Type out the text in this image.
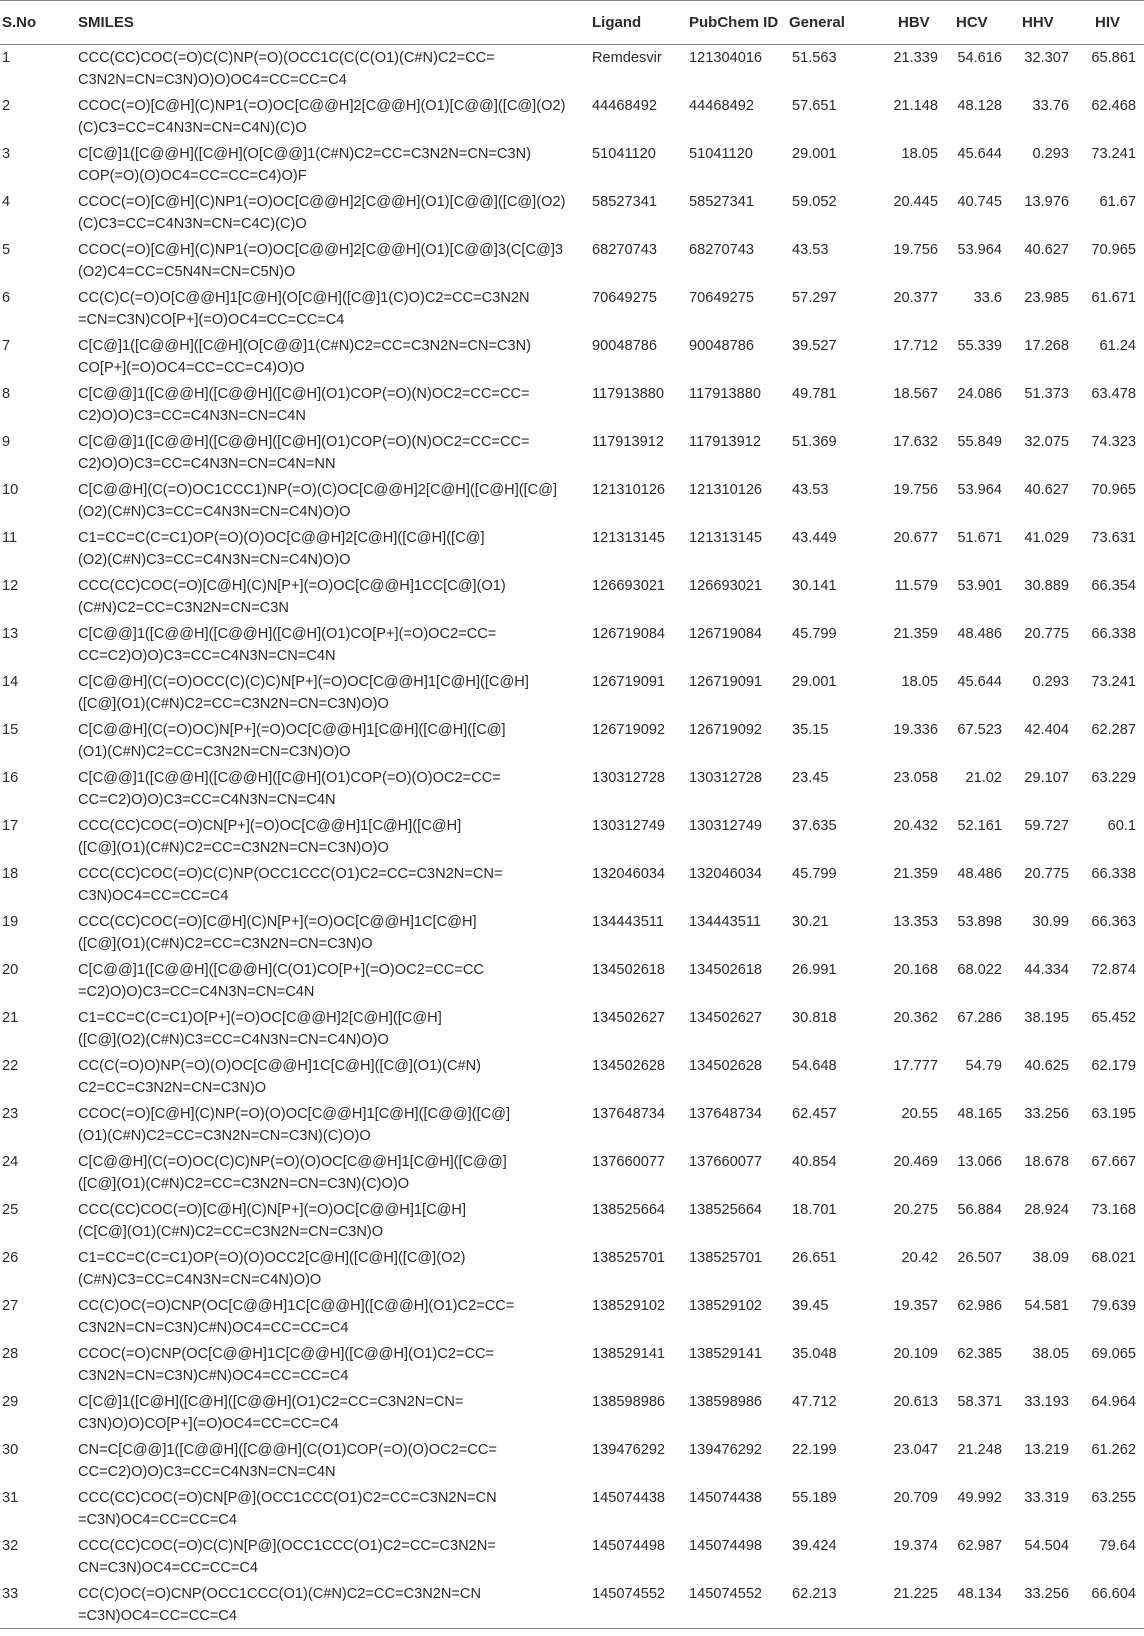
S.No	SMILES	Ligand	PubChem ID	General	HBV	HCV	HHV	HIV
1	CCC(CC)COC(=O)C(C)NP(=O)(OCC1C(C(C(O1)(C#N)C2=CC=
C3N2N=CN=C3N)O)O)OC4=CC=CC=C4	Remdesvir	121304016	51.563	21.339	54.616	32.307	65.861
2	CCOC(=O)[C@H](C)NP1(=O)OC[C@@H]2[C@@H](O1)[C@@]([C@](O2)
(C)C3=CC=C4N3N=CN=C4N)(C)O	44468492	44468492	57.651	21.148	48.128	33.76	62.468
3	C[C@]1([C@@H]([C@H](O[C@@]1(C#N)C2=CC=C3N2N=CN=C3N)
COP(=O)(O)OC4=CC=CC=C4)O)F	51041120	51041120	29.001	18.05	45.644	0.293	73.241
4	CCOC(=O)[C@H](C)NP1(=O)OC[C@@H]2[C@@H](O1)[C@@]([C@](O2)
(C)C3=CC=C4N3N=CN=C4C)(C)O	58527341	58527341	59.052	20.445	40.745	13.976	61.67
5	CCOC(=O)[C@H](C)NP1(=O)OC[C@@H]2[C@@H](O1)[C@@]3(C[C@]3
(O2)C4=CC=C5N4N=CN=C5N)O	68270743	68270743	43.53	19.756	53.964	40.627	70.965
6	CC(C)C(=O)O[C@@H]1[C@H](O[C@H]([C@]1(C)O)C2=CC=C3N2N
=CN=C3N)CO[P+](=O)OC4=CC=CC=C4	70649275	70649275	57.297	20.377	33.6	23.985	61.671
7	C[C@]1([C@@H]([C@H](O[C@@]1(C#N)C2=CC=C3N2N=CN=C3N)
CO[P+](=O)OC4=CC=CC=C4)O)O	90048786	90048786	39.527	17.712	55.339	17.268	61.24
8	C[C@@]1([C@@H]([C@@H]([C@H](O1)COP(=O)(N)OC2=CC=CC=
C2)O)O)C3=CC=C4N3N=CN=C4N	117913880	117913880	49.781	18.567	24.086	51.373	63.478
9	C[C@@]1([C@@H]([C@@H]([C@H](O1)COP(=O)(N)OC2=CC=CC=
C2)O)O)C3=CC=C4N3N=CN=C4N=NN	117913912	117913912	51.369	17.632	55.849	32.075	74.323
10	C[C@@H](C(=O)OC1CCC1)NP(=O)(C)OC[C@@H]2[C@H]([C@H]([C@]
(O2)(C#N)C3=CC=C4N3N=CN=C4N)O)O	121310126	121310126	43.53	19.756	53.964	40.627	70.965
11	C1=CC=C(C=C1)OP(=O)(O)OC[C@@H]2[C@H]([C@H]([C@]
(O2)(C#N)C3=CC=C4N3N=CN=C4N)O)O	121313145	121313145	43.449	20.677	51.671	41.029	73.631
12	CCC(CC)COC(=O)[C@H](C)N[P+](=O)OC[C@@H]1CC[C@](O1)
(C#N)C2=CC=C3N2N=CN=C3N	126693021	126693021	30.141	11.579	53.901	30.889	66.354
13	C[C@@]1([C@@H]([C@@H]([C@H](O1)CO[P+](=O)OC2=CC=
CC=C2)O)O)C3=CC=C4N3N=CN=C4N	126719084	126719084	45.799	21.359	48.486	20.775	66.338
14	C[C@@H](C(=O)OCC(C)(C)C)N[P+](=O)OC[C@@H]1[C@H]([C@H]
([C@](O1)(C#N)C2=CC=C3N2N=CN=C3N)O)O	126719091	126719091	29.001	18.05	45.644	0.293	73.241
15	C[C@@H](C(=O)OC)N[P+](=O)OC[C@@H]1[C@H]([C@H]([C@]
(O1)(C#N)C2=CC=C3N2N=CN=C3N)O)O	126719092	126719092	35.15	19.336	67.523	42.404	62.287
16	C[C@@]1([C@@H]([C@@H]([C@H](O1)COP(=O)(O)OC2=CC=
CC=C2)O)O)C3=CC=C4N3N=CN=C4N	130312728	130312728	23.45	23.058	21.02	29.107	63.229
17	CCC(CC)COC(=O)CN[P+](=O)OC[C@@H]1[C@H]([C@H]
([C@](O1)(C#N)C2=CC=C3N2N=CN=C3N)O)O	130312749	130312749	37.635	20.432	52.161	59.727	60.1
18	CCC(CC)COC(=O)C(C)NP(OCC1CCC(O1)C2=CC=C3N2N=CN=
C3N)OC4=CC=CC=C4	132046034	132046034	45.799	21.359	48.486	20.775	66.338
19	CCC(CC)COC(=O)[C@H](C)N[P+](=O)OC[C@@H]1C[C@H]
([C@](O1)(C#N)C2=CC=C3N2N=CN=C3N)O	134443511	134443511	30.21	13.353	53.898	30.99	66.363
20	C[C@@]1([C@@H]([C@@H](C(O1)CO[P+](=O)OC2=CC=CC
=C2)O)O)C3=CC=C4N3N=CN=C4N	134502618	134502618	26.991	20.168	68.022	44.334	72.874
21	C1=CC=C(C=C1)O[P+](=O)OC[C@@H]2[C@H]([C@H]
([C@](O2)(C#N)C3=CC=C4N3N=CN=C4N)O)O	134502627	134502627	30.818	20.362	67.286	38.195	65.452
22	CC(C(=O)O)NP(=O)(O)OC[C@@H]1C[C@H]([C@](O1)(C#N)
C2=CC=C3N2N=CN=C3N)O	134502628	134502628	54.648	17.777	54.79	40.625	62.179
23	CCOC(=O)[C@H](C)NP(=O)(O)OC[C@@H]1[C@H]([C@@]([C@]
(O1)(C#N)C2=CC=C3N2N=CN=C3N)(C)O)O	137648734	137648734	62.457	20.55	48.165	33.256	63.195
24	C[C@@H](C(=O)OC(C)C)NP(=O)(O)OC[C@@H]1[C@H]([C@@]
([C@](O1)(C#N)C2=CC=C3N2N=CN=C3N)(C)O)O	137660077	137660077	40.854	20.469	13.066	18.678	67.667
25	CCC(CC)COC(=O)[C@H](C)N[P+](=O)OC[C@@H]1[C@H]
(C[C@](O1)(C#N)C2=CC=C3N2N=CN=C3N)O	138525664	138525664	18.701	20.275	56.884	28.924	73.168
26	C1=CC=C(C=C1)OP(=O)(O)OCC2[C@H]([C@H]([C@](O2)
(C#N)C3=CC=C4N3N=CN=C4N)O)O	138525701	138525701	26.651	20.42	26.507	38.09	68.021
27	CC(C)OC(=O)CNP(OC[C@@H]1C[C@@H]([C@@H](O1)C2=CC=
C3N2N=CN=C3N)C#N)OC4=CC=CC=C4	138529102	138529102	39.45	19.357	62.986	54.581	79.639
28	CCOC(=O)CNP(OC[C@@H]1C[C@@H]([C@@H](O1)C2=CC=
C3N2N=CN=C3N)C#N)OC4=CC=CC=C4	138529141	138529141	35.048	20.109	62.385	38.05	69.065
29	C[C@]1([C@H]([C@H]([C@@H](O1)C2=CC=C3N2N=CN=
C3N)O)O)CO[P+](=O)OC4=CC=CC=C4	138598986	138598986	47.712	20.613	58.371	33.193	64.964
30	CN=C[C@@]1([C@@H]([C@@H](C(O1)COP(=O)(O)OC2=CC=
CC=C2)O)O)C3=CC=C4N3N=CN=C4N	139476292	139476292	22.199	23.047	21.248	13.219	61.262
31	CCC(CC)COC(=O)CN[P@](OCC1CCC(O1)C2=CC=C3N2N=CN
=C3N)OC4=CC=CC=C4	145074438	145074438	55.189	20.709	49.992	33.319	63.255
32	CCC(CC)COC(=O)C(C)N[P@](OCC1CCC(O1)C2=CC=C3N2N=
CN=C3N)OC4=CC=CC=C4	145074498	145074498	39.424	19.374	62.987	54.504	79.64
33	CC(C)OC(=O)CNP(OCC1CCC(O1)(C#N)C2=CC=C3N2N=CN
=C3N)OC4=CC=CC=C4	145074552	145074552	62.213	21.225	48.134	33.256	66.604
